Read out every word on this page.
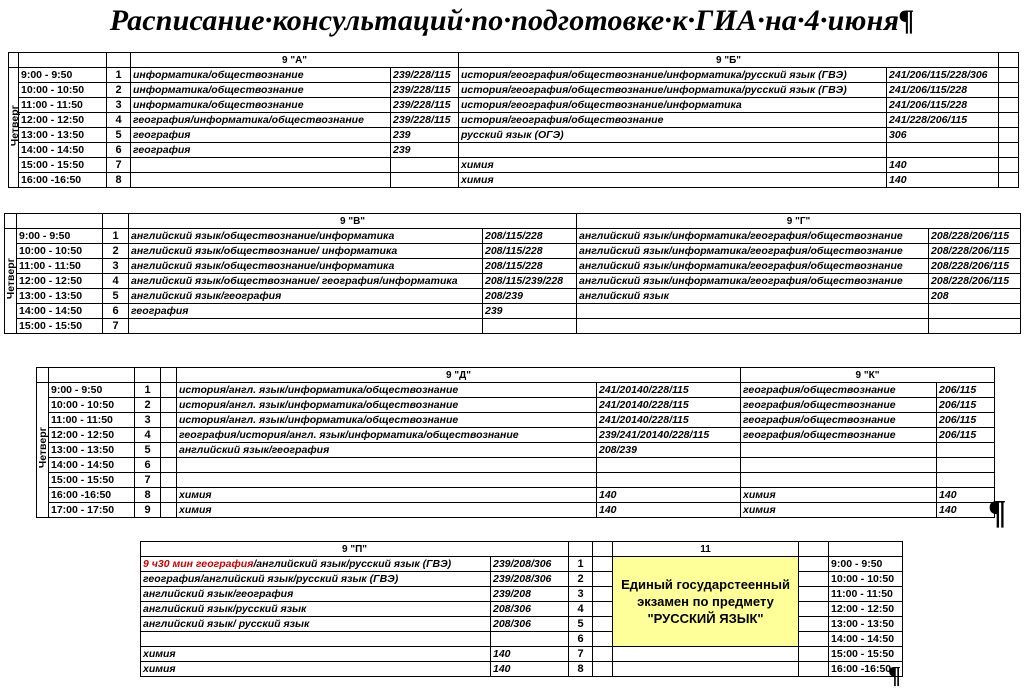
Расписание·консультаций·по·подготовке·к·ГИА·на·4·июня¶
			9 "А"		9 "Б"		
Четверг	9:00 - 9:50	1	информатика/обществознание	239/228/115	история/география/обществознание/информатика/русский язык (ГВЭ)	241/206/115/228/306	
	10:00 - 10:50	2	информатика/обществознание	239/228/115	история/география/обществознание/информатика/русский язык (ГВЭ)	241/206/115/228	
	11:00 - 11:50	3	информатика/обществознание	239/228/115	история/география/обществознание/информатика	241/206/115/228	
	12:00 - 12:50	4	география/информатика/обществознание	239/228/115	история/география/обществознание	241/228/206/115	
	13:00 - 13:50	5	география	239	русский язык (ОГЭ)	306	
	14:00 - 14:50	6	география	239			
	15:00 - 15:50	7			химия	140	
	16:00 -16:50	8			химия	140	
			9 "В"		9 "Г"	
Четверг	9:00 - 9:50	1	английский язык/обществознание/информатика	208/115/228	английский язык/информатика/география/обществознание	208/228/206/115
	10:00 - 10:50	2	английский язык/обществознание/ информатика	208/115/228	английский язык/информатика/география/обществознание	208/228/206/115
	11:00 - 11:50	3	английский язык/обществознание/информатика	208/115/228	английский язык/информатика/география/обществознание	208/228/206/115
	12:00 - 12:50	4	английский язык/обществознание/ география/информатика	208/115/239/228	английский язык/информатика/география/обществознание	208/228/206/115
	13:00 - 13:50	5	английский язык/география	208/239	английский язык	208
	14:00 - 14:50	6	география	239		
	15:00 - 15:50	7				
				9 "Д"		9 "К"	
Четверг	9:00 - 9:50	1		история/англ. язык/информатика/обществознание	241/20140/228/115	география/обществознание	206/115
	10:00 - 10:50	2		история/англ. язык/информатика/обществознание	241/20140/228/115	география/обществознание	206/115
	11:00 - 11:50	3		история/англ. язык/информатика/обществознание	241/20140/228/115	география/обществознание	206/115
	12:00 - 12:50	4		география/история/англ. язык/информатика/обществознание	239/241/20140/228/115	география/обществознание	206/115
	13:00 - 13:50	5		английский язык/география	208/239		
	14:00 - 14:50	6					
	15:00 - 15:50	7					
	16:00 -16:50	8		химия	140	химия	140
	17:00 - 17:50	9		химия	140	химия	140
9 "П"				11		
9 ч30 мин география/английский язык/русский язык (ГВЭ)	239/208/306	1		Единый государстеенный экзамен по предмету "РУССКИЙ ЯЗЫК"		9:00 - 9:50
география/английский язык/русский язык (ГВЭ)	239/208/306	2				10:00 - 10:50
английский язык/география	239/208	3				11:00 - 11:50
английский язык/русский язык	208/306	4				12:00 - 12:50
английский язык/ русский язык	208/306	5				13:00 - 13:50
		6				14:00 - 14:50
химия	140	7				15:00 - 15:50
химия	140	8				16:00 -16:50
¶
¶
